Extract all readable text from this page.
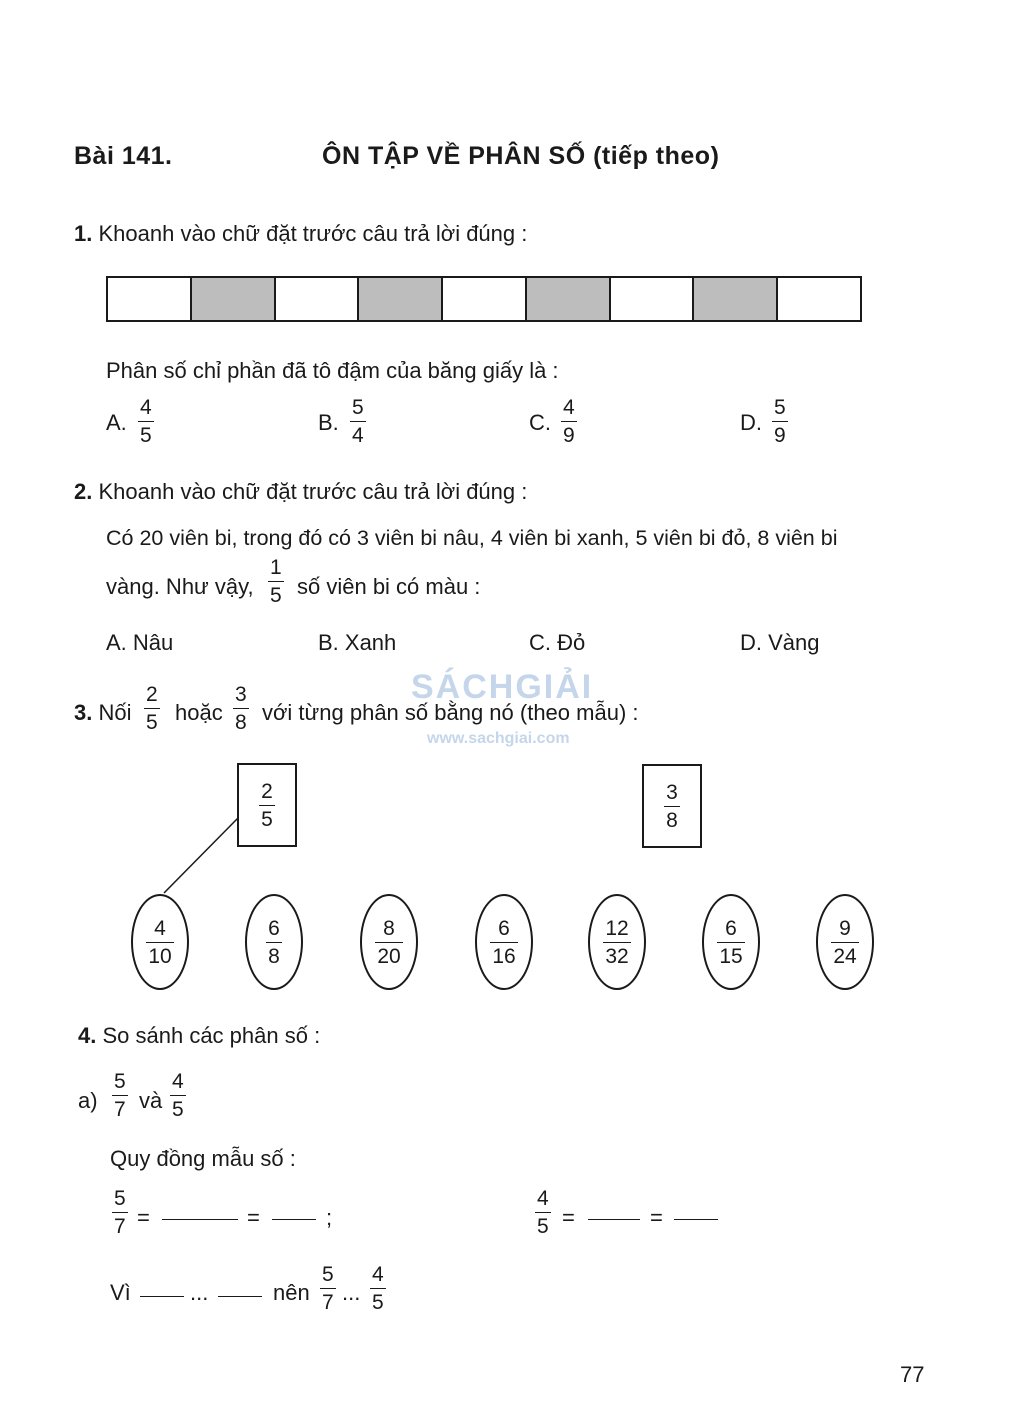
Bài 141.	ÔN TẬP VỀ PHÂN SỐ (tiếp theo)
1. Khoanh vào chữ đặt trước câu trả lời đúng :
Phân số chỉ phần đã tô đậm của băng giấy là :
A.
4
5
B.
5
4
C.
4
9
D.
5
9
2. Khoanh vào chữ đặt trước câu trả lời đúng :
Có 20 viên bi, trong đó có 3 viên bi nâu, 4 viên bi xanh, 5 viên bi đỏ, 8 viên bi
vàng. Như vậy,
1
5 số viên bi có màu :
A. Nâu	B. Xanh	C. Đỏ	D. Vàng
SÁCHGIẢI
www.sachgiai.com
3. Nối
2
5 hoặc
3
8 với từng phân số bằng nó (theo mẫu) :
$\frac{2}{5}$	$\frac{3}{8}$
$\frac{4}{10}$	$\frac{6}{8}$	$\frac{8}{20}$	$\frac{6}{16}$	$\frac{12}{32}$	$\frac{6}{15}$	$\frac{9}{24}$
4. So sánh các phân số :
a)
5
7 và
4
5
Quy đồng mẫu số :
5
7 =	=	;
4
5 =	=
Vì	...	nên
5
7 ...
4
5
77
